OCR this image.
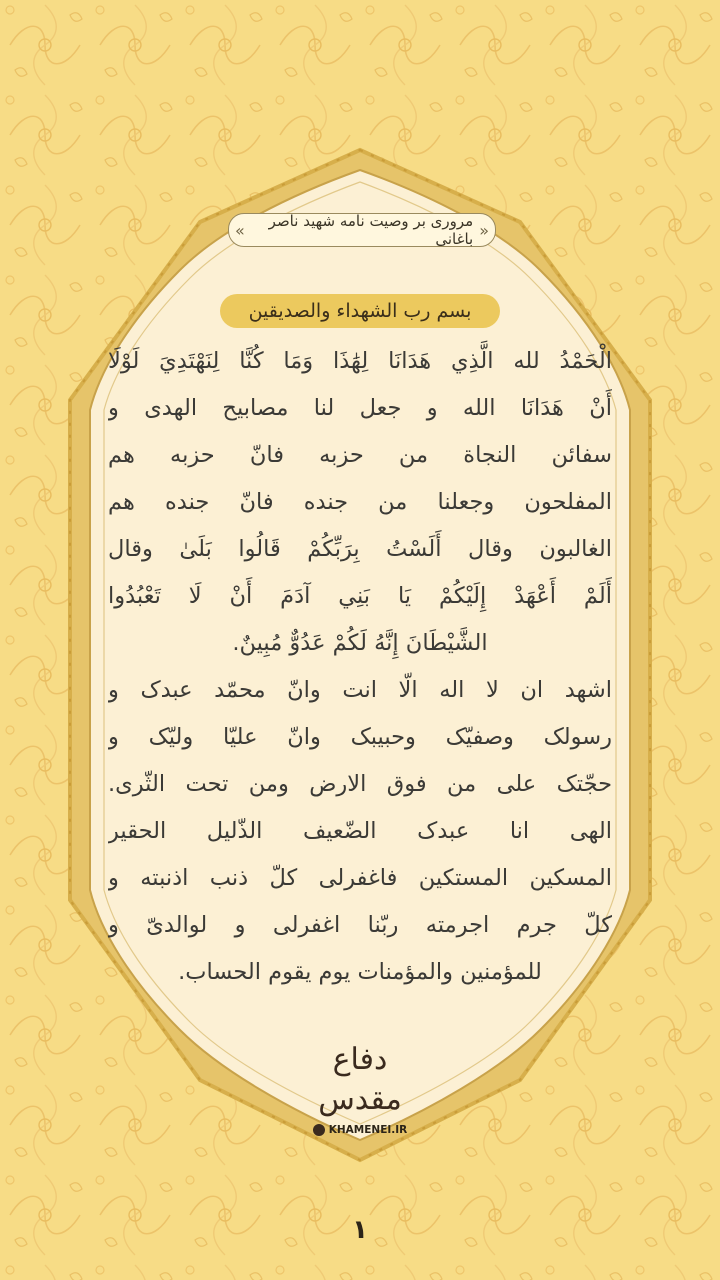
«
مروری بر وصیت نامه شهید ناصر باغانی
»
بسم رب الشهداء والصدیقین
الْحَمْدُ لله الَّذِي هَدَانَا لِهَٰذَا وَمَا كُنَّا لِنَهْتَدِيَ لَوْلَا
أَنْ هَدَانَا الله و جعل لنا مصابیح الهدی و
سفائن النجاة من حزبه فانّ حزبه هم
المفلحون وجعلنا من جنده فانّ جنده هم
الغالبون وقال أَلَسْتُ بِرَبِّكُمْ قَالُوا بَلَىٰ وقال
أَلَمْ أَعْهَدْ إِلَيْكُمْ يَا بَنِي آدَمَ أَنْ لَا تَعْبُدُوا
الشَّيْطَانَ إِنَّهُ لَكُمْ عَدُوٌّ مُبِينٌ.
اشهد ان لا اله الّا انت وانّ محمّد عبدک و
رسولک وصفیّک وحبیبک وانّ علیّا ولیّک و
حجّتک علی من فوق الارض ومن تحت الثّری.
الهی انا عبدک الضّعیف الذّلیل الحقیر
المسکین المستکین فاغفرلی کلّ ذنب اذنبته و
کلّ جرم اجرمته ربّنا اغفرلی و لوالدیّ و
للمؤمنین والمؤمنات یوم یقوم الحساب.
دفاع مقدس
KHAMENEI.IR
١
